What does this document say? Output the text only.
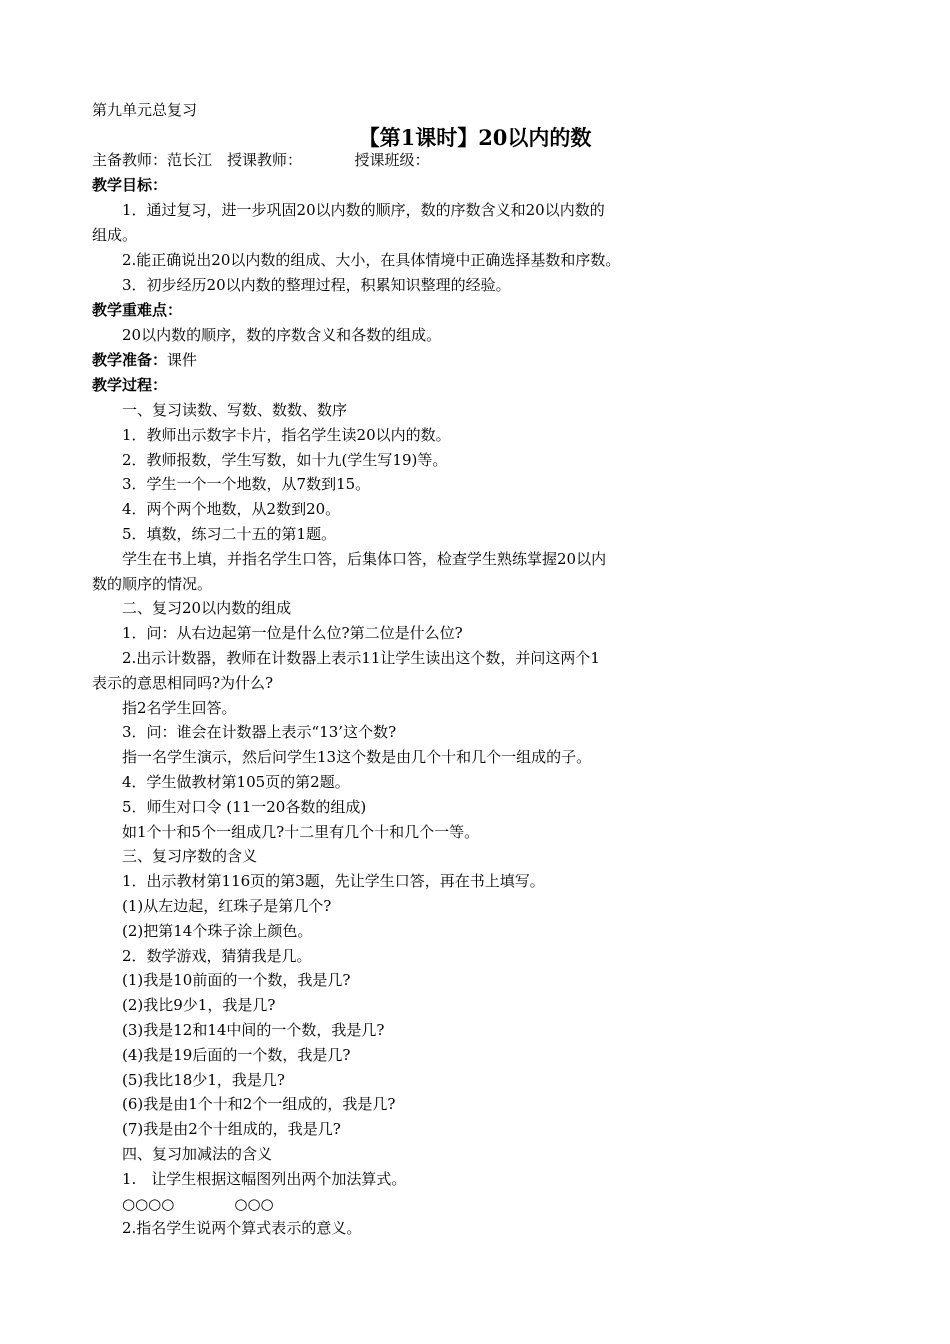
第九单元总复习
【第1课时】20以内的数
主备教师：范长江　授课教师：　　　　授课班级：
教学目标：
1．通过复习，进一步巩固20以内数的顺序，数的序数含义和20以内数的
组成。
2.能正确说出20以内数的组成、大小，在具体情境中正确选择基数和序数。
3．初步经历20以内数的整理过程，积累知识整理的经验。
教学重难点：
20以内数的顺序，数的序数含义和各数的组成。
教学准备：课件
教学过程：
一、复习读数、写数、数数、数序
1．教师出示数字卡片，指名学生读20以内的数。
2．教师报数，学生写数，如十九(学生写19)等。
3．学生一个一个地数，从7数到15。
4．两个两个地数，从2数到20。
5．填数，练习二十五的第1题。
学生在书上填，并指名学生口答，后集体口答，检查学生熟练掌握20以内
数的顺序的情况。
二、复习20以内数的组成
1．问：从右边起第一位是什么位?第二位是什么位?
2.出示计数器，教师在计数器上表示11让学生读出这个数，并问这两个1
表示的意思相同吗?为什么?
指2名学生回答。
3．问：谁会在计数器上表示“13’这个数?
指一名学生演示，然后问学生13这个数是由几个十和几个一组成的子。
4．学生做教材第105页的第2题。
5．师生对口令 (11一20各数的组成)
如1个十和5个一组成几?十二里有几个十和几个一等。
三、复习序数的含义
1．出示教材第116页的第3题，先让学生口答，再在书上填写。
(1)从左边起，红珠子是第几个?
(2)把第14个珠子涂上颜色。
2．数学游戏，猜猜我是几。
(1)我是10前面的一个数，我是几?
(2)我比9少1，我是几?
(3)我是12和14中间的一个数，我是几?
(4)我是19后面的一个数，我是几?
(5)我比18少1，我是几?
(6)我是由1个十和2个一组成的，我是几?
(7)我是由2个十组成的，我是几?
四、复习加减法的含义
1.　让学生根据这幅图列出两个加法算式。
○○○○　　　　○○○
2.指名学生说两个算式表示的意义。
